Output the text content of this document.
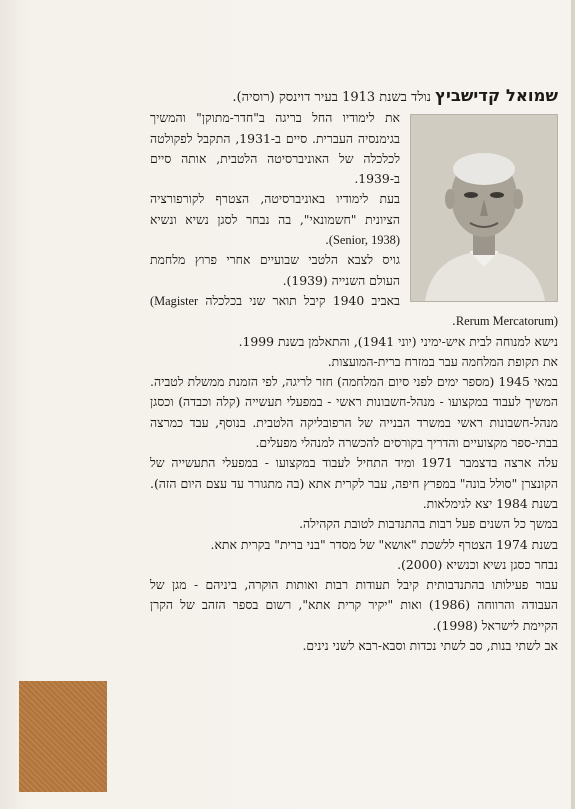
שמואל קדישביץ נולד בשנת 1913 בעיר דוינסק (רוסיה).

את לימודיו החל בריגה ב"חדר-מתוקן" והמשיך בגימנסיה העברית. סיים ב-1931, התקבל לפקולטה לכלכלה של האוניברסיטה הלטבית, אותה סיים ב-1939.

בעת לימודיו באוניברסיטה, הצטרף לקורפורציה הציונית "חשמונאי", בה נבחר לסגן נשיא ונשיא (Senior, 1938).

גויס לצבא הלטבי שבועיים אחרי פרוץ מלחמת העולם השנייה (1939).

באביב 1940 קיבל תואר שני בכלכלה (Magister Rerum Mercatorum).

נישא למנוחה לבית איש-ימיני (יוני 1941), והתאלמן בשנת 1999.

את תקופת המלחמה עבר במזרח ברית-המועצות.

במאי 1945 (מספר ימים לפני סיום המלחמה) חזר לריגה, לפי הזמנת ממשלת לטביה. המשיך לעבוד במקצועו - מנהל-חשבונות ראשי - במפעלי תעשייה (קלה וכבדה) וכסגן מנהל-חשבונות ראשי במשרד הבנייה של הרפובליקה הלטבית. בנוסף, עבד כמרצה בבתי-ספר מקצועיים והדריך בקורסים להכשרה למנהלי מפעלים.

עלה ארצה בדצמבר 1971 ומיד התחיל לעבוד במקצועו - במפעלי התעשייה של הקונצרן "סולל בונה" במפרץ חיפה, עבר לקרית אתא (בה מתגורר עד עצם היום הזה). בשנת 1984 יצא לגימלאות.

במשך כל השנים פעל רבות בהתנדבות לטובת הקהילה.

בשנת 1974 הצטרף ללשכת "אושא" של מסדר "בני ברית" בקרית אתא.

נבחר כסגן נשיא וכנשיא (2000).

עבור פעילותו בהתנדבותית קיבל תעודות רבות ואותות הוקרה, ביניהם - מגן של העבודה והרווחה (1986) ואות "יקיר קרית אתא", רשום בספר הזהב של הקרן הקיימת לישראל (1998).

אב לשתי בנות, סב לשתי נכדות וסבא-רבא לשני נינים.
